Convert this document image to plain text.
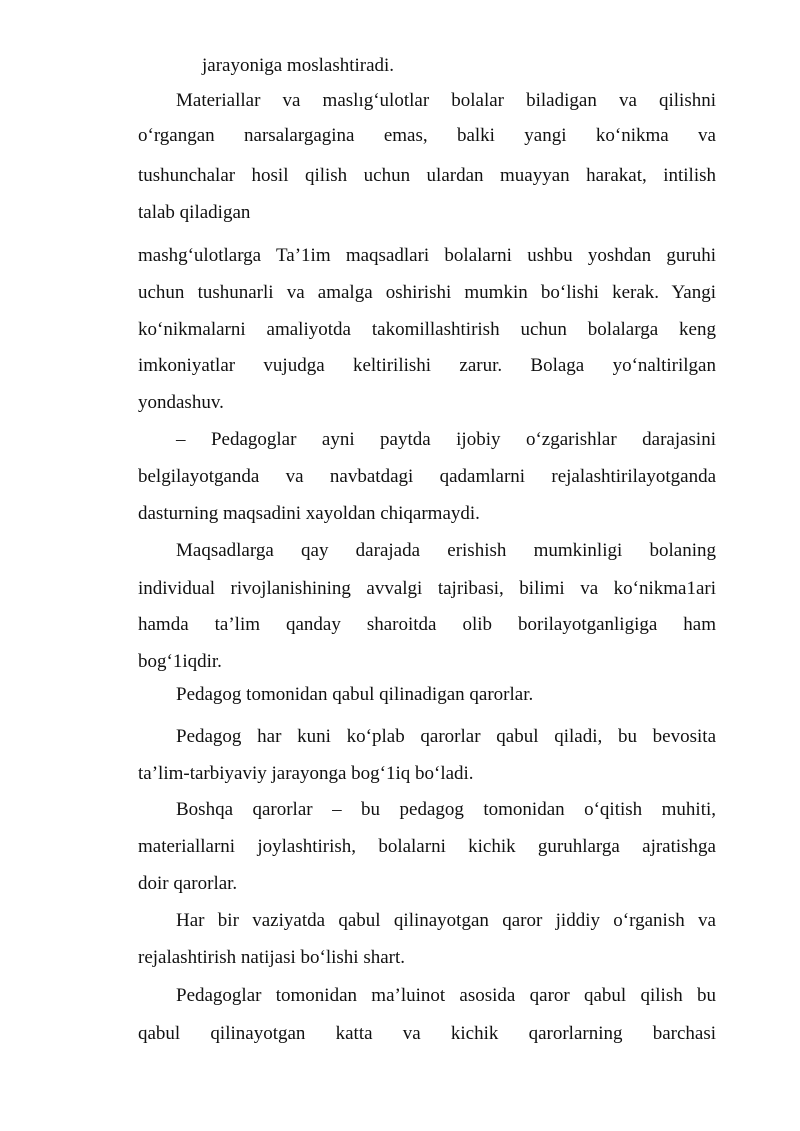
jarayoniga moslashtiradi.
Materiallar va maslıg‘ulotlar bolalar biladigan va qilishni
o‘rgangan narsalargagina emas, balki yangi ko‘nikma va
tushunchalar hosil qilish uchun ulardan muayyan harakat, intilish
talab qiladigan
mashg‘ulotlarga Ta’1im maqsadlari bolalarni ushbu yoshdan guruhi
uchun tushunarli va amalga oshirishi mumkin bo‘lishi kerak. Yangi
ko‘nikmalarni amaliyotda takomillashtirish uchun bolalarga keng
imkoniyatlar vujudga keltirilishi zarur. Bolaga yo‘naltirilgan
yondashuv.
– Pedagoglar ayni paytda ijobiy o‘zgarishlar darajasini
belgilayotganda va navbatdagi qadamlarni rejalashtirilayotganda
dasturning maqsadini xayoldan chiqarmaydi.
Maqsadlarga qay darajada erishish mumkinligi bolaning
individual rivojlanishining avvalgi tajribasi, bilimi va ko‘nikma1ari
hamda ta’lim qanday sharoitda olib borilayotganligiga ham
bog‘1iqdir.
Pedagog tomonidan qabul qilinadigan qarorlar.
Pedagog har kuni ko‘plab qarorlar qabul qiladi, bu bevosita
ta’lim-tarbiyaviy jarayonga bog‘1iq bo‘ladi.
Boshqa qarorlar – bu pedagog tomonidan o‘qitish muhiti,
materiallarni joylashtirish, bolalarni kichik guruhlarga ajratishga
doir qarorlar.
Har bir vaziyatda qabul qilinayotgan qaror jiddiy o‘rganish va
rejalashtirish natijasi bo‘lishi shart.
Pedagoglar tomonidan ma’luinot asosida qaror qabul qilish bu
qabul qilinayotgan katta va kichik qarorlarning barchasi
